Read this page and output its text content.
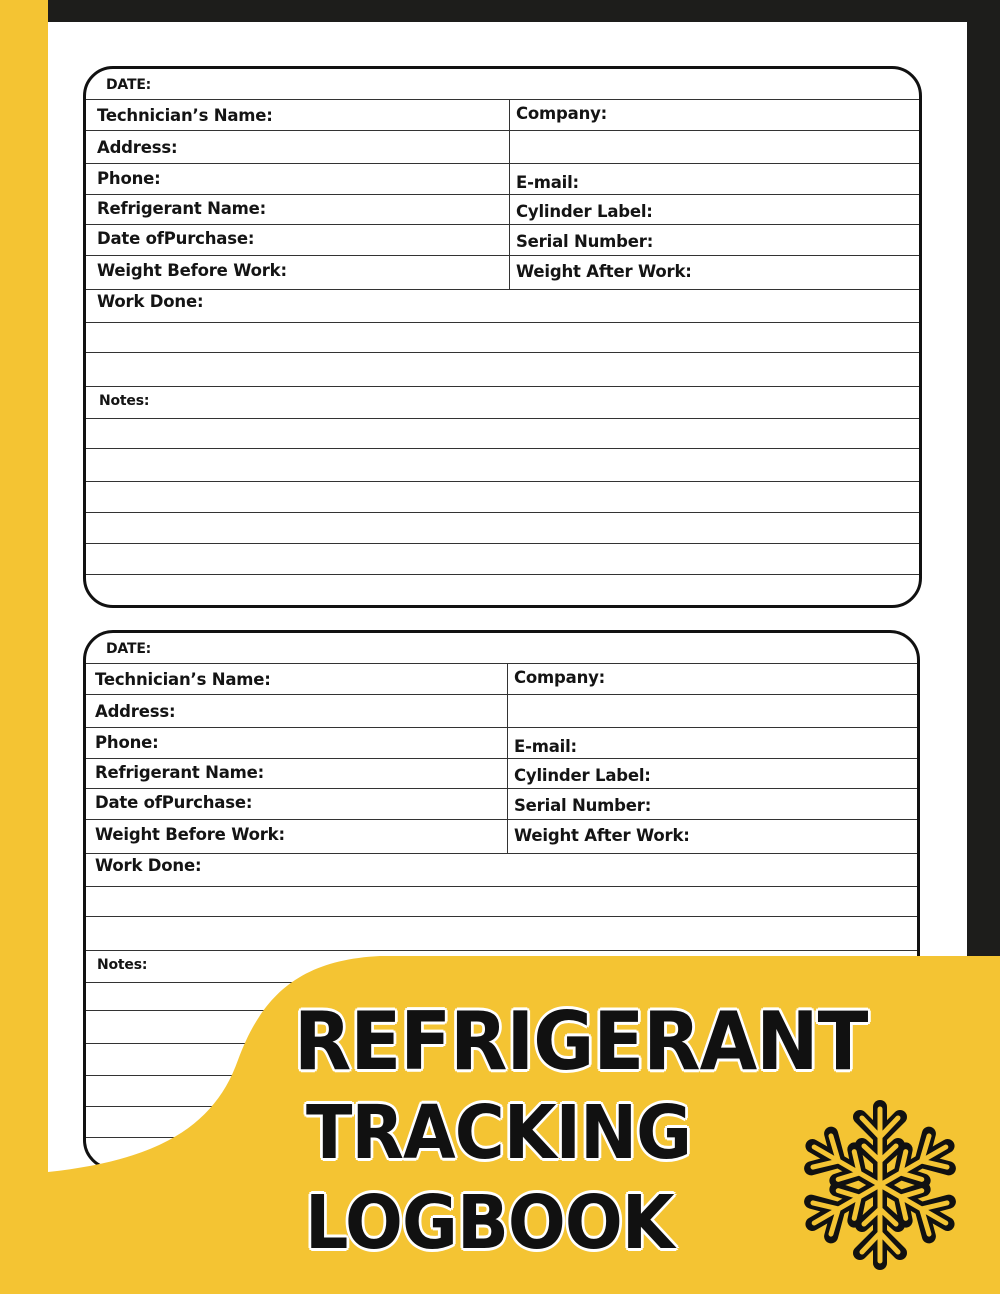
DATE:
Technician’s Name:	Company:
Address:
Phone:	E-mail:
Refrigerant Name:	Cylinder Label:
Date ofPurchase:	Serial Number:
Weight Before Work:	Weight After Work:
Work Done:
Notes:
DATE:
Technician’s Name:	Company:
Address:
Phone:	E-mail:
Refrigerant Name:	Cylinder Label:
Date ofPurchase:	Serial Number:
Weight Before Work:	Weight After Work:
Work Done:
Notes:
REFRIGERANT
TRACKING
LOGBOOK
